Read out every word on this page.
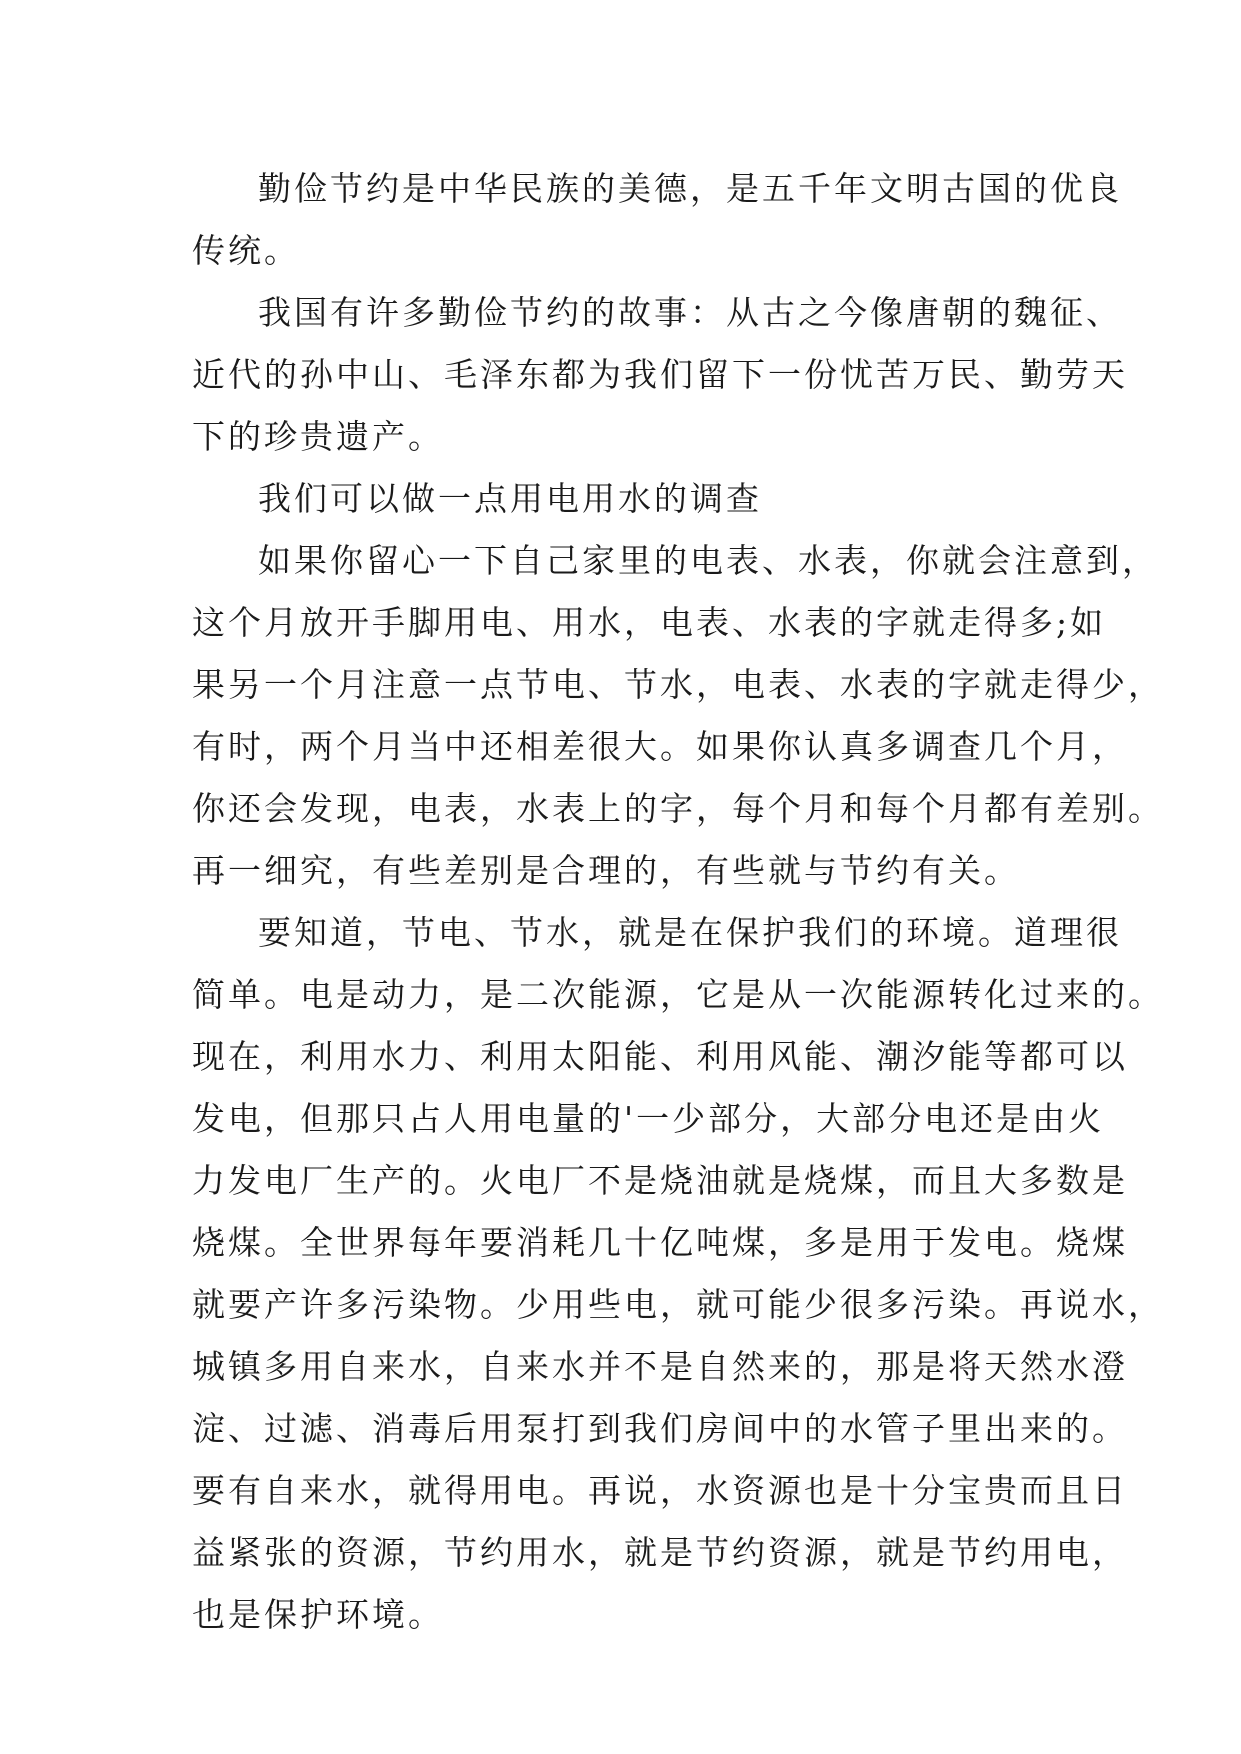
勤俭节约是中华民族的美德，是五千年文明古国的优良
传统。
我国有许多勤俭节约的故事：从古之今像唐朝的魏征、
近代的孙中山、毛泽东都为我们留下一份忧苦万民、勤劳天
下的珍贵遗产。
我们可以做一点用电用水的调查
如果你留心一下自己家里的电表、水表，你就会注意到，
这个月放开手脚用电、用水，电表、水表的字就走得多;如
果另一个月注意一点节电、节水，电表、水表的字就走得少，
有时，两个月当中还相差很大。如果你认真多调查几个月，
你还会发现，电表，水表上的字，每个月和每个月都有差别。
再一细究，有些差别是合理的，有些就与节约有关。
要知道，节电、节水，就是在保护我们的环境。道理很
简单。电是动力，是二次能源，它是从一次能源转化过来的。
现在，利用水力、利用太阳能、利用风能、潮汐能等都可以
发电，但那只占人用电量的'一少部分，大部分电还是由火
力发电厂生产的。火电厂不是烧油就是烧煤，而且大多数是
烧煤。全世界每年要消耗几十亿吨煤，多是用于发电。烧煤
就要产许多污染物。少用些电，就可能少很多污染。再说水，
城镇多用自来水，自来水并不是自然来的，那是将天然水澄
淀、过滤、消毒后用泵打到我们房间中的水管子里出来的。
要有自来水，就得用电。再说，水资源也是十分宝贵而且日
益紧张的资源，节约用水，就是节约资源，就是节约用电，
也是保护环境。
